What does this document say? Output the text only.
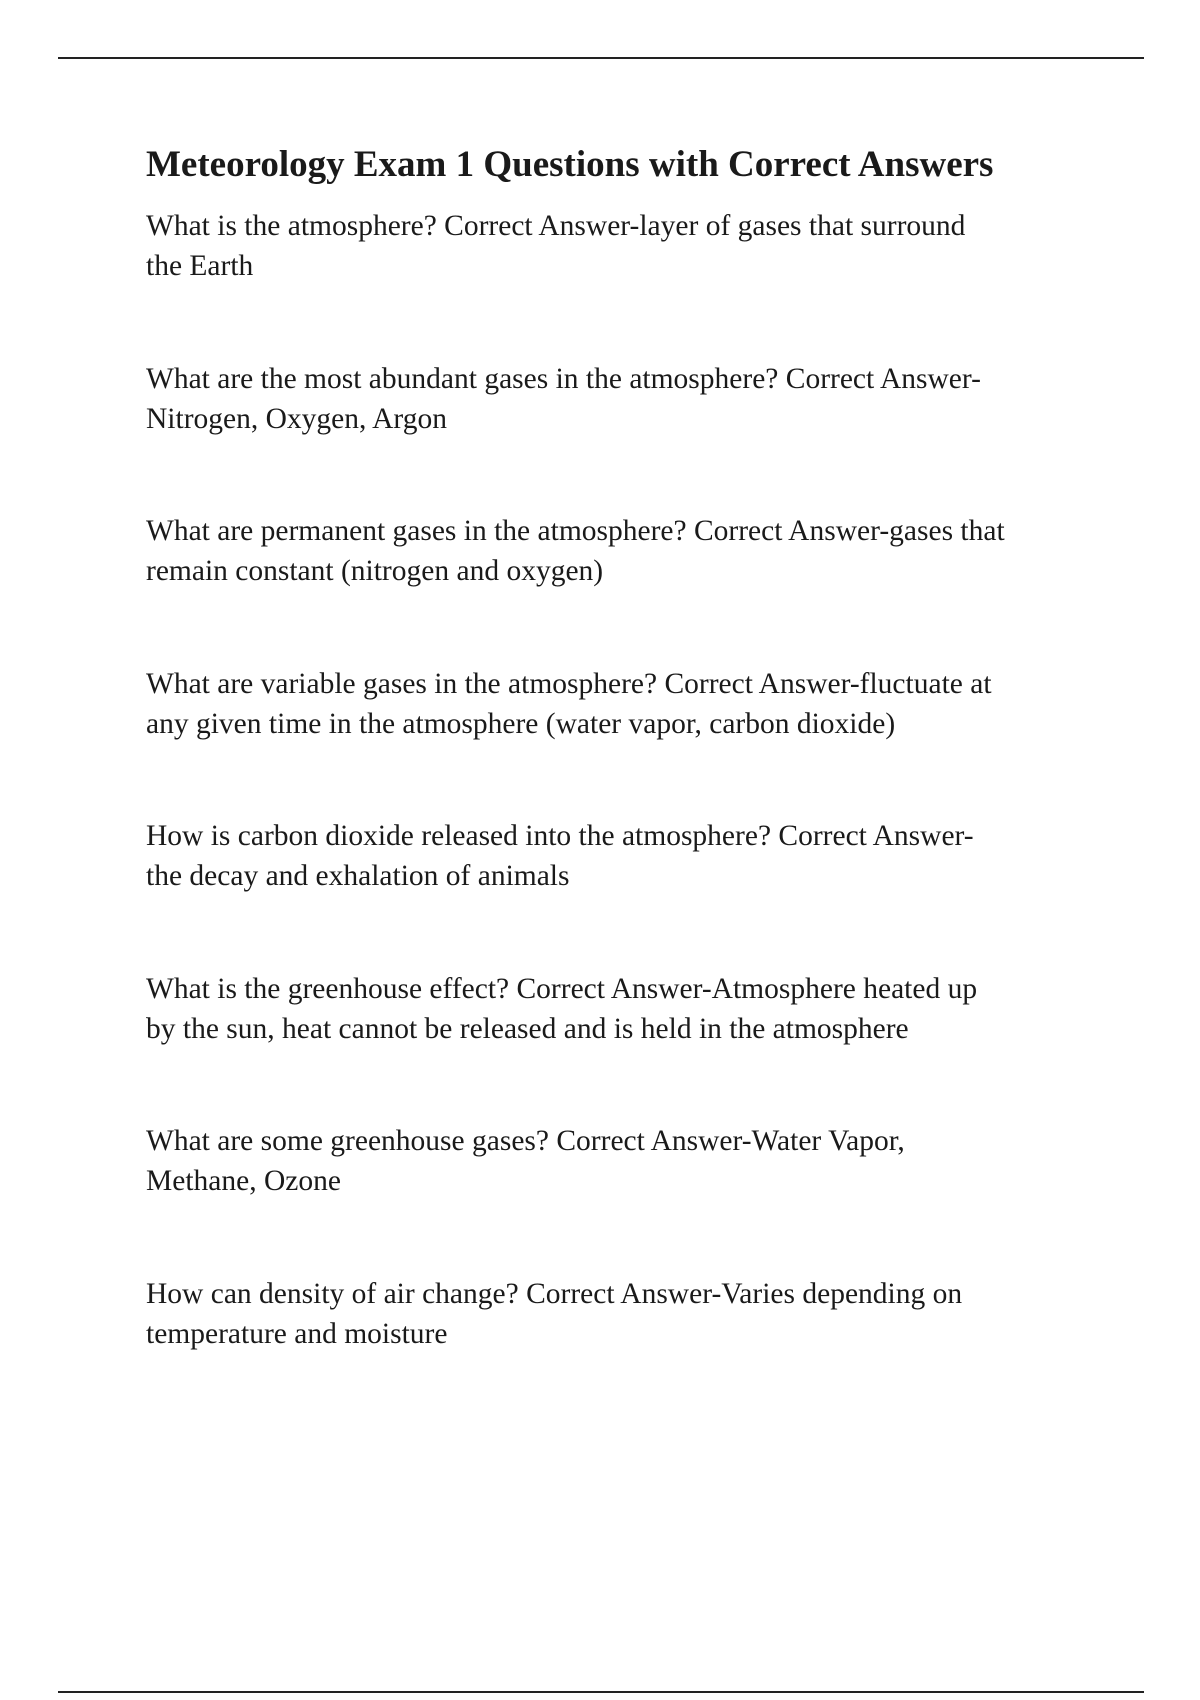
Meteorology Exam 1 Questions with Correct Answers
What is the atmosphere? Correct Answer-layer of gases that surround
the Earth
What are the most abundant gases in the atmosphere? Correct Answer-
Nitrogen, Oxygen, Argon
What are permanent gases in the atmosphere? Correct Answer-gases that
remain constant (nitrogen and oxygen)
What are variable gases in the atmosphere? Correct Answer-fluctuate at
any given time in the atmosphere (water vapor, carbon dioxide)
How is carbon dioxide released into the atmosphere? Correct Answer-
the decay and exhalation of animals
What is the greenhouse effect? Correct Answer-Atmosphere heated up
by the sun, heat cannot be released and is held in the atmosphere
What are some greenhouse gases? Correct Answer-Water Vapor,
Methane, Ozone
How can density of air change? Correct Answer-Varies depending on
temperature and moisture
